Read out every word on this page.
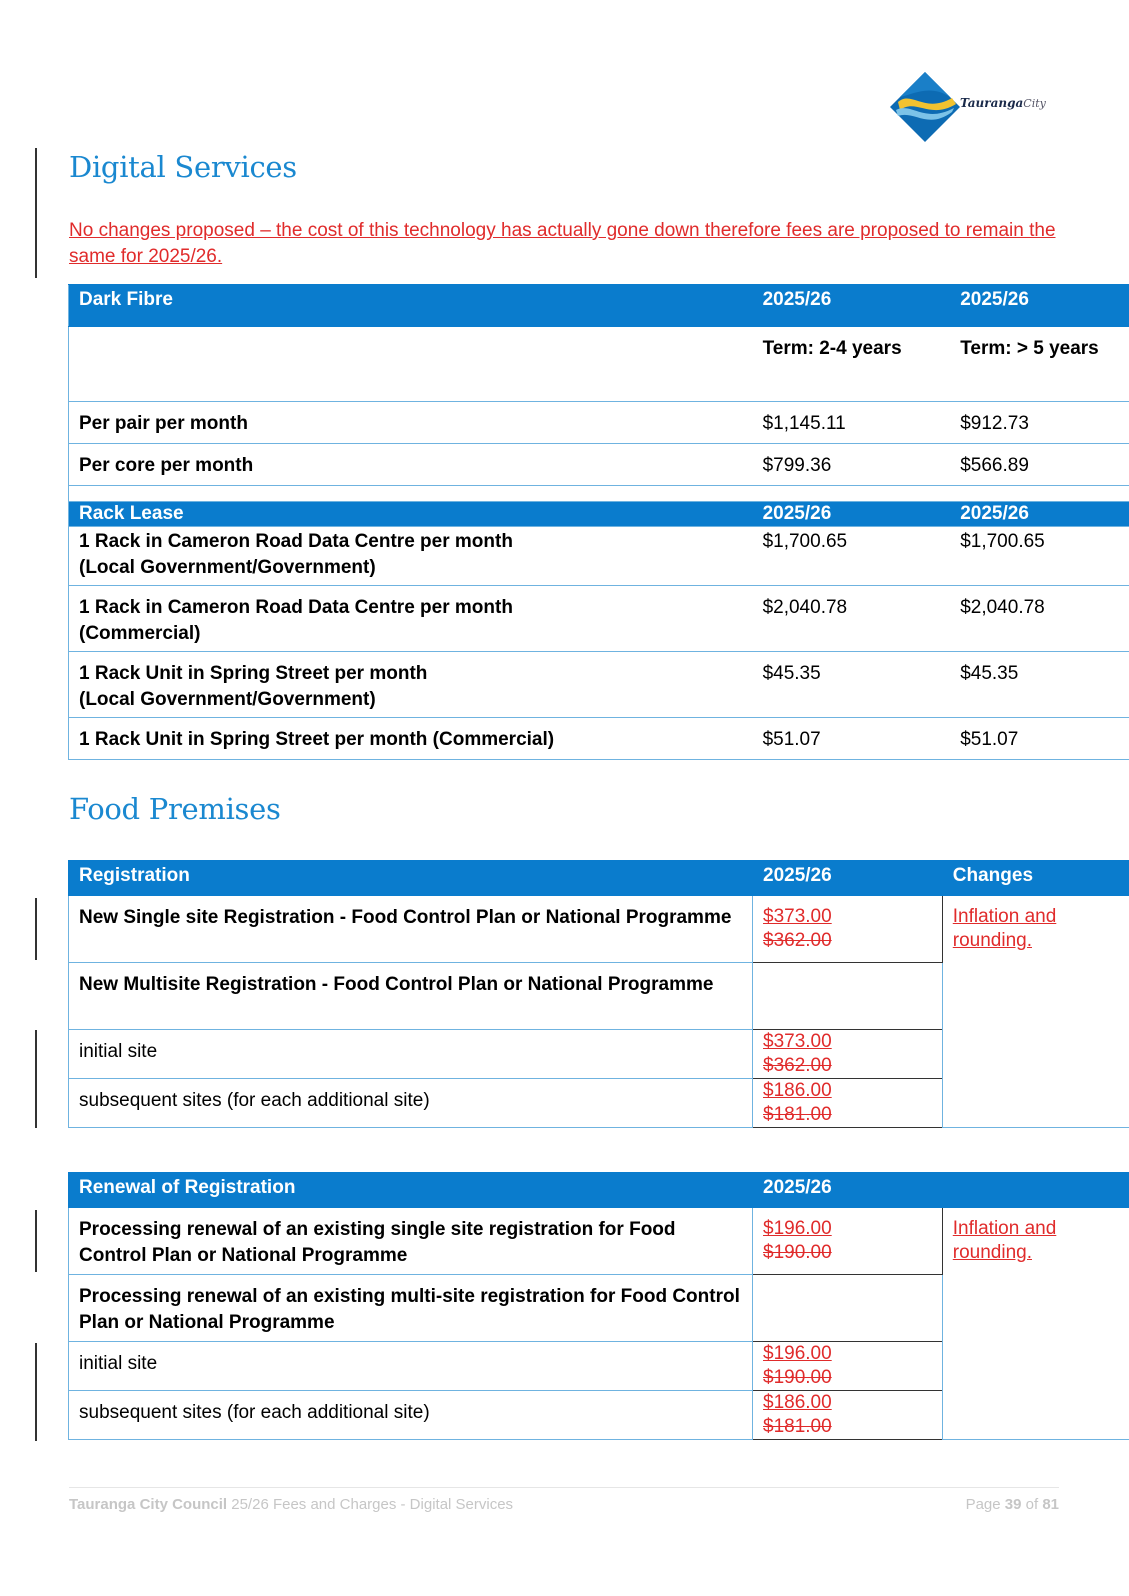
TaurangaCity
Digital Services
No changes proposed – the cost of this technology has actually gone down therefore fees are proposed to remain the same for 2025/26.
Dark Fibre	2025/26	2025/26
	Term: 2-4 years	Term: > 5 years
Per pair per month	$1,145.11	$912.73
Per core per month	$799.36	$566.89

Rack Lease	2025/26	2025/26

1 Rack in Cameron Road Data Centre per month
(Local Government/Government)	$1,700.65	$1,700.65

1 Rack in Cameron Road Data Centre per month
(Commercial)	$2,040.78	$2,040.78

1 Rack Unit in Spring Street per month
(Local Government/Government)	$45.35	$45.35
1 Rack Unit in Spring Street per month (Commercial)	$51.07	$51.07
Food Premises
Registration	2025/26	Changes
New Single site Registration - Food Control Plan or National Programme	$373.00
$362.00	Inflation and rounding.

New Multisite Registration - Food Control Plan or National Programme		
initial site	$373.00
$362.00	

subsequent sites (for each additional site)	$186.00
$181.00	
Renewal of Registration	2025/26	
Processing renewal of an existing single site registration for Food Control Plan or National Programme	$196.00
$190.00	Inflation and rounding.

Processing renewal of an existing multi-site registration for Food Control Plan or National Programme		
initial site	$196.00
$190.00	

subsequent sites (for each additional site)	$186.00
$181.00	
Tauranga City Council 25/26 Fees and Charges - Digital Services	Page 39 of 81
